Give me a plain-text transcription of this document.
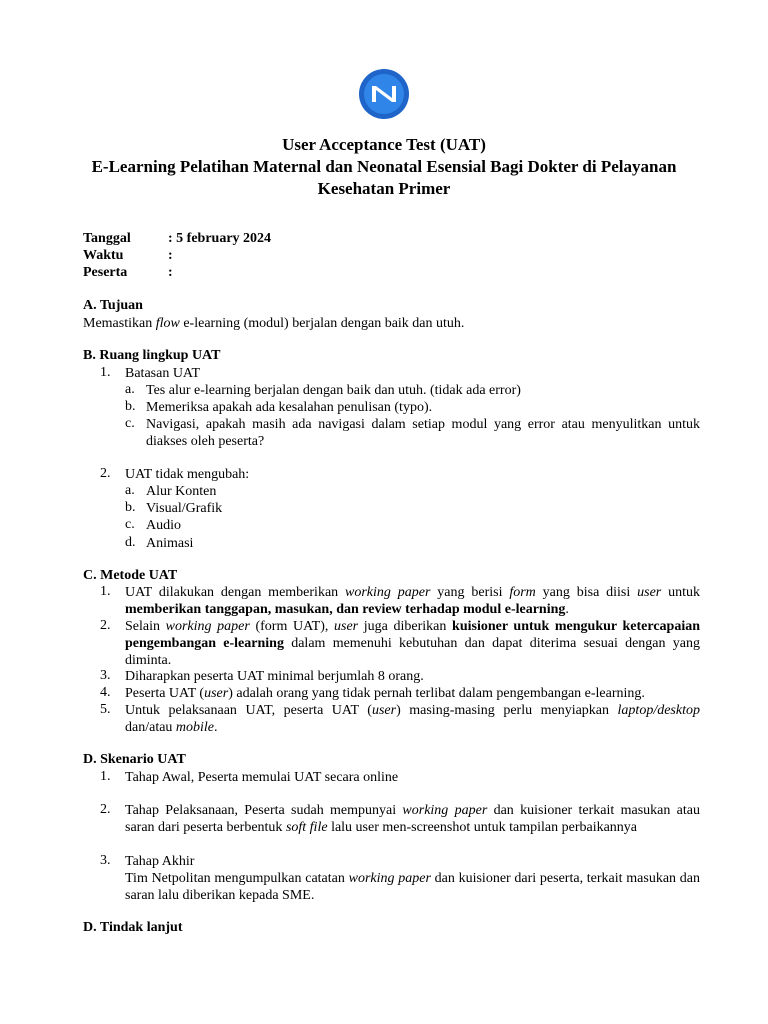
User Acceptance Test (UAT)
E-Learning Pelatihan Maternal dan Neonatal Esensial Bagi Dokter di Pelayanan
Kesehatan Primer
Tanggal	: 5 february 2024
Waktu	:
Peserta	:
A. Tujuan
Memastikan flow e-learning (modul) berjalan dengan baik dan utuh.
B. Ruang lingkup UAT
1. Batasan UAT
a. Tes alur e-learning berjalan dengan baik dan utuh. (tidak ada error)
b. Memeriksa apakah ada kesalahan penulisan (typo).
c. Navigasi, apakah masih ada navigasi dalam setiap modul yang error atau menyulitkan untuk diakses oleh peserta?
2. UAT tidak mengubah:
a. Alur Konten
b. Visual/Grafik
c. Audio
d. Animasi
C. Metode UAT
1. UAT dilakukan dengan memberikan working paper yang berisi form yang bisa diisi user untuk memberikan tanggapan, masukan, dan review terhadap modul e-learning.
2. Selain working paper (form UAT), user juga diberikan kuisioner untuk mengukur ketercapaian pengembangan e-learning dalam memenuhi kebutuhan dan dapat diterima sesuai dengan yang diminta.
3. Diharapkan peserta UAT minimal berjumlah 8 orang.
4. Peserta UAT (user) adalah orang yang tidak pernah terlibat dalam pengembangan e-learning.
5. Untuk pelaksanaan UAT, peserta UAT (user) masing-masing perlu menyiapkan laptop/desktop dan/atau mobile.
D. Skenario UAT
1. Tahap Awal, Peserta memulai UAT secara online
2. Tahap Pelaksanaan, Peserta sudah mempunyai working paper dan kuisioner terkait masukan atau saran dari peserta berbentuk soft file lalu user men-screenshot untuk tampilan perbaikannya
3. Tahap Akhir
Tim Netpolitan mengumpulkan catatan working paper dan kuisioner dari peserta, terkait masukan dan saran lalu diberikan kepada SME.
D. Tindak lanjut
